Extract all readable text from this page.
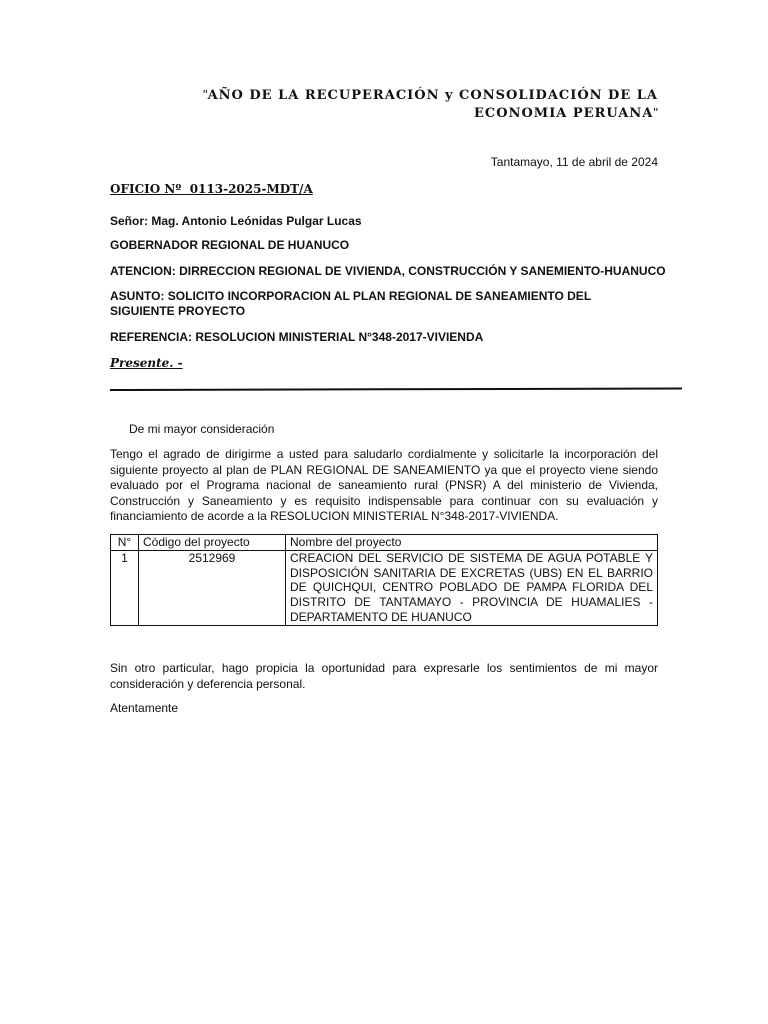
"AÑO DE LA RECUPERACIÓN y CONSOLIDACIÓN DE LA
ECONOMIA PERUANA"
Tantamayo, 11 de abril de 2024
OFICIO Nº  0113-2025-MDT/A
Señor: Mag. Antonio Leónidas Pulgar Lucas
GOBERNADOR REGIONAL DE HUANUCO
ATENCION: DIRRECCION REGIONAL DE VIVIENDA, CONSTRUCCIÓN Y SANEMIENTO-HUANUCO
ASUNTO: SOLICITO INCORPORACION AL PLAN REGIONAL DE SANEAMIENTO DEL SIGUIENTE PROYECTO
REFERENCIA: RESOLUCION MINISTERIAL N°348-2017-VIVIENDA
Presente. -
De mi mayor consideración
Tengo el agrado de dirigirme a usted para saludarlo cordialmente y solicitarle la incorporación del siguiente proyecto al plan de PLAN REGIONAL DE SANEAMIENTO ya que el proyecto viene siendo evaluado por el Programa nacional de saneamiento rural (PNSR) A del ministerio de Vivienda, Construcción y Saneamiento y es requisito indispensable para continuar con su evaluación y financiamiento de acorde a la RESOLUCION MINISTERIAL N°348-2017-VIVIENDA.
N°	Código del proyecto	Nombre del proyecto
1	2512969	CREACION DEL SERVICIO DE SISTEMA DE AGUA POTABLE Y DISPOSICIÓN SANITARIA DE EXCRETAS (UBS) EN EL BARRIO DE QUICHQUI, CENTRO POBLADO DE PAMPA FLORIDA DEL DISTRITO DE TANTAMAYO - PROVINCIA DE HUAMALIES - DEPARTAMENTO DE HUANUCO
Sin otro particular, hago propicia la oportunidad para expresarle los sentimientos de mi mayor consideración y deferencia personal.
Atentamente
